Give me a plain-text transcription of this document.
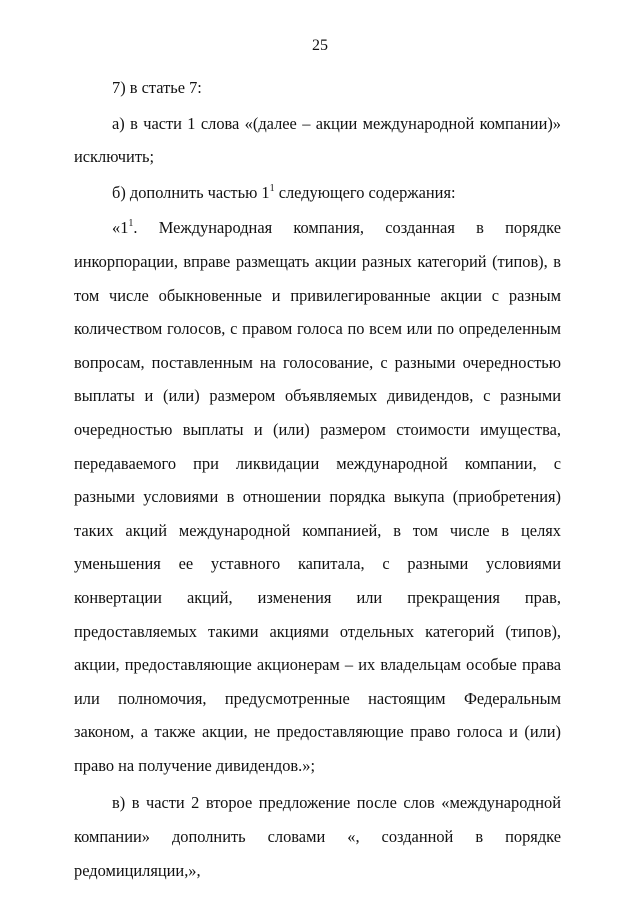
25

7) в статье 7:

а) в части 1 слова «(далее – акции международной компании)» исключить;

б) дополнить частью $1^1$ следующего содержания:

«$1^1$. Международная компания, созданная в порядке инкорпорации, вправе размещать акции разных категорий (типов), в том числе обыкновенные и привилегированные акции с разным количеством голосов, с правом голоса по всем или по определенным вопросам, поставленным на голосование, с разными очередностью выплаты и (или) размером объявляемых дивидендов, с разными очередностью выплаты и (или) размером стоимости имущества, передаваемого при ликвидации международной компании, с разными условиями в отношении порядка выкупа (приобретения) таких акций международной компанией, в том числе в целях уменьшения ее уставного капитала, с разными условиями конвертации акций, изменения или прекращения прав, предоставляемых такими акциями отдельных категорий (типов), акции, предоставляющие акционерам – их владельцам особые права или полномочия, предусмотренные настоящим Федеральным законом, а также акции, не предоставляющие право голоса и (или) право на получение дивидендов.»;

в) в части 2 второе предложение после слов «международной компании» дополнить словами «, созданной в порядке редомициляции,»,
